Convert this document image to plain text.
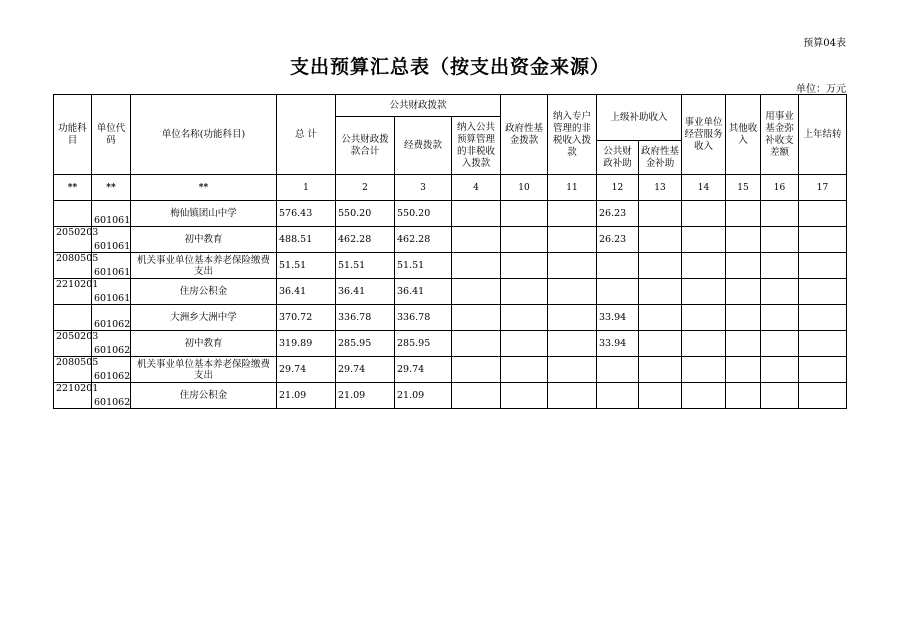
预算04表
支出预算汇总表（按支出资金来源）
单位：万元
功能科目	单位代码	单位名称(功能科目)	总 计	公共财政拨款			政府性基金拨款	纳入专户管理的非税收入拨款	上级补助收入		事业单位经营服务收入	其他收入	用事业基金弥补收支差额	上年结转
				公共财政拨款合计	经费拨款	纳入公共预算管理的非税收入拨款								
									公共财政补助	政府性基金补助				
**	**	**	1	2	3	4	10	11	12	13	14	15	16	17
	601061	梅仙镇团山中学	576.43	550.20	550.20				26.23					
2050203	601061	初中教育	488.51	462.28	462.28				26.23					
2080505	601061	机关事业单位基本养老保险缴费支出	51.51	51.51	51.51									
2210201	601061	住房公积金	36.41	36.41	36.41									
	601062	大洲乡大洲中学	370.72	336.78	336.78				33.94					
2050203	601062	初中教育	319.89	285.95	285.95				33.94					
2080505	601062	机关事业单位基本养老保险缴费支出	29.74	29.74	29.74									
2210201	601062	住房公积金	21.09	21.09	21.09									
